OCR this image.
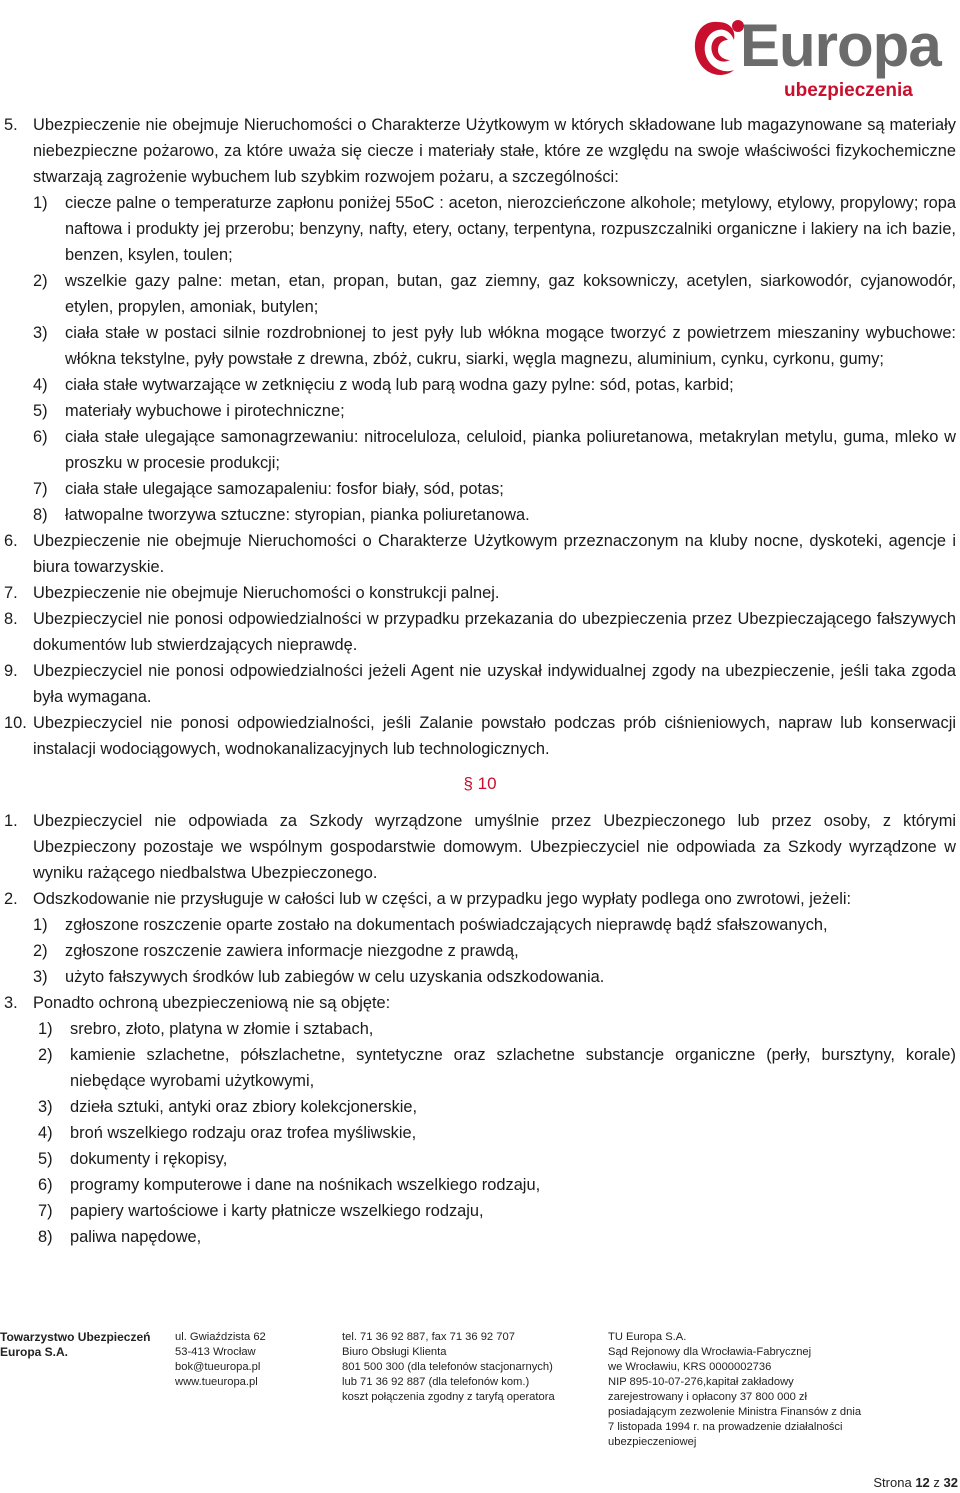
Europa
ubezpieczenia
5. Ubezpieczenie nie obejmuje Nieruchomości o Charakterze Użytkowym w których składowane lub magazynowane są materiały niebezpieczne pożarowo, za które uważa się ciecze i materiały stałe, które ze względu na swoje właściwości fizykochemiczne stwarzają zagrożenie wybuchem lub szybkim rozwojem pożaru, a szczególności:
1) ciecze palne o temperaturze zapłonu poniżej 55oC : aceton, nierozcieńczone alkohole; metylowy, etylowy, propylowy; ropa naftowa i produkty jej przerobu; benzyny, nafty, etery, octany, terpentyna, rozpuszczalniki organiczne i lakiery na ich bazie, benzen, ksylen, toulen;
2) wszelkie gazy palne: metan, etan, propan, butan, gaz ziemny, gaz koksowniczy, acetylen, siarkowodór, cyjanowodór, etylen, propylen, amoniak, butylen;
3) ciała stałe w postaci silnie rozdrobnionej to jest pyły lub włókna mogące tworzyć z powietrzem mieszaniny wybuchowe: włókna tekstylne, pyły powstałe z drewna, zbóż, cukru, siarki, węgla magnezu, aluminium, cynku, cyrkonu, gumy;
4) ciała stałe wytwarzające w zetknięciu z wodą lub parą wodna gazy pylne: sód, potas, karbid;
5) materiały wybuchowe i pirotechniczne;
6) ciała stałe ulegające samonagrzewaniu: nitroceluloza, celuloid, pianka poliuretanowa, metakrylan metylu, guma, mleko w proszku w procesie produkcji;
7) ciała stałe ulegające samozapaleniu: fosfor biały, sód, potas;
8) łatwopalne tworzywa sztuczne: styropian, pianka poliuretanowa.
6. Ubezpieczenie nie obejmuje Nieruchomości o Charakterze Użytkowym przeznaczonym na kluby nocne, dyskoteki, agencje i biura towarzyskie.
7. Ubezpieczenie nie obejmuje Nieruchomości o konstrukcji palnej.
8. Ubezpieczyciel nie ponosi odpowiedzialności w przypadku przekazania do ubezpieczenia przez Ubezpieczającego fałszywych dokumentów lub stwierdzających nieprawdę.
9. Ubezpieczyciel nie ponosi odpowiedzialności jeżeli Agent nie uzyskał indywidualnej zgody na ubezpieczenie, jeśli taka zgoda była wymagana.
10. Ubezpieczyciel nie ponosi odpowiedzialności, jeśli Zalanie powstało podczas prób ciśnieniowych, napraw lub konserwacji instalacji wodociągowych, wodnokanalizacyjnych lub technologicznych.
§ 10
1. Ubezpieczyciel nie odpowiada za Szkody wyrządzone umyślnie przez Ubezpieczonego lub przez osoby, z którymi Ubezpieczony pozostaje we wspólnym gospodarstwie domowym. Ubezpieczyciel nie odpowiada za Szkody wyrządzone w wyniku rażącego niedbalstwa Ubezpieczonego.
2. Odszkodowanie nie przysługuje w całości lub w części, a w przypadku jego wypłaty podlega ono zwrotowi, jeżeli:
1) zgłoszone roszczenie oparte zostało na dokumentach poświadczających nieprawdę bądź sfałszowanych,
2) zgłoszone roszczenie zawiera informacje niezgodne z prawdą,
3) użyto fałszywych środków lub zabiegów w celu uzyskania odszkodowania.
3. Ponadto ochroną ubezpieczeniową nie są objęte:
1) srebro, złoto, platyna w złomie i sztabach,
2) kamienie szlachetne, półszlachetne, syntetyczne oraz szlachetne substancje organiczne (perły, bursztyny, korale) niebędące wyrobami użytkowymi,
3) dzieła sztuki, antyki oraz zbiory kolekcjonerskie,
4) broń wszelkiego rodzaju oraz trofea myśliwskie,
5) dokumenty i rękopisy,
6) programy komputerowe i dane na nośnikach wszelkiego rodzaju,
7) papiery wartościowe i karty płatnicze wszelkiego rodzaju,
8) paliwa napędowe,
Towarzystwo Ubezpieczeń
Europa S.A.
ul. Gwiaździsta 62
53-413 Wrocław
bok@tueuropa.pl
www.tueuropa.pl
tel. 71 36 92 887, fax 71 36 92 707
Biuro Obsługi Klienta
801 500 300 (dla telefonów stacjonarnych)
lub 71 36 92 887 (dla telefonów kom.)
koszt połączenia zgodny z taryfą operatora
TU Europa S.A.
Sąd Rejonowy dla Wrocławia-Fabrycznej
we Wrocławiu, KRS 0000002736
NIP 895-10-07-276,kapitał zakładowy
zarejestrowany i opłacony 37 800 000 zł
posiadającym zezwolenie Ministra Finansów z dnia
7 listopada 1994 r. na prowadzenie działalności
ubezpieczeniowej
Strona 12 z 32
